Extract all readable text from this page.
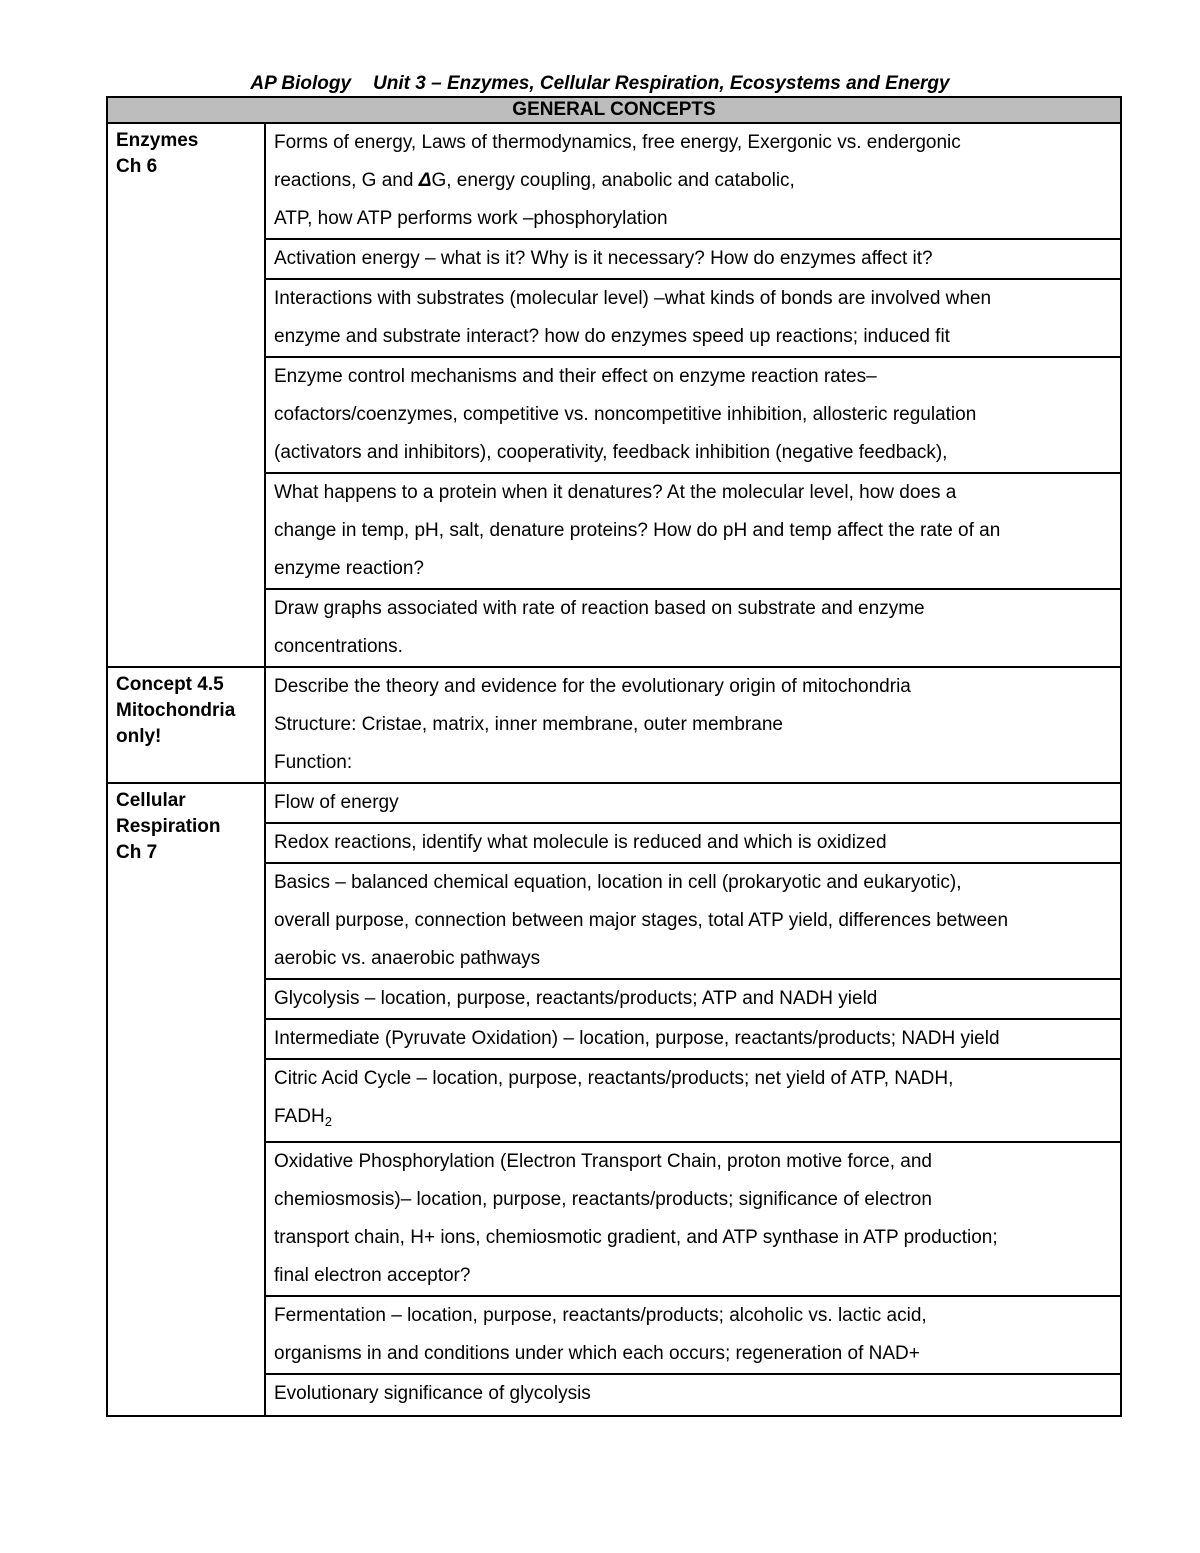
AP Biology Unit 3 – Enzymes, Cellular Respiration, Ecosystems and Energy
GENERAL CONCEPTS	
Enzymes
Ch 6	Forms of energy, Laws of thermodynamics, free energy, Exergonic vs. endergonic
reactions, G and ΔG, energy coupling, anabolic and catabolic,
ATP, how ATP performs work –phosphorylation
	Activation energy – what is it? Why is it necessary? How do enzymes affect it?
	Interactions with substrates (molecular level) –what kinds of bonds are involved when
enzyme and substrate interact? how do enzymes speed up reactions; induced fit
	Enzyme control mechanisms and their effect on enzyme reaction rates–
cofactors/coenzymes, competitive vs. noncompetitive inhibition, allosteric regulation
(activators and inhibitors), cooperativity, feedback inhibition (negative feedback),
	What happens to a protein when it denatures? At the molecular level, how does a
change in temp, pH, salt, denature proteins? How do pH and temp affect the rate of an
enzyme reaction?
	Draw graphs associated with rate of reaction based on substrate and enzyme
concentrations.
Concept 4.5
Mitochondria
only!	Describe the theory and evidence for the evolutionary origin of mitochondria
Structure: Cristae, matrix, inner membrane, outer membrane
Function:
Cellular
Respiration
Ch 7	Flow of energy
	Redox reactions, identify what molecule is reduced and which is oxidized
	Basics – balanced chemical equation, location in cell (prokaryotic and eukaryotic),
overall purpose, connection between major stages, total ATP yield, differences between
aerobic vs. anaerobic pathways
	Glycolysis – location, purpose, reactants/products; ATP and NADH yield
	Intermediate (Pyruvate Oxidation) – location, purpose, reactants/products; NADH yield
	Citric Acid Cycle – location, purpose, reactants/products; net yield of ATP, NADH,
$FADH_2$
	Oxidative Phosphorylation (Electron Transport Chain, proton motive force, and
chemiosmosis)– location, purpose, reactants/products; significance of electron
transport chain, H+ ions, chemiosmotic gradient, and ATP synthase in ATP production;
final electron acceptor?
	Fermentation – location, purpose, reactants/products; alcoholic vs. lactic acid,
organisms in and conditions under which each occurs; regeneration of NAD+
	Evolutionary significance of glycolysis
